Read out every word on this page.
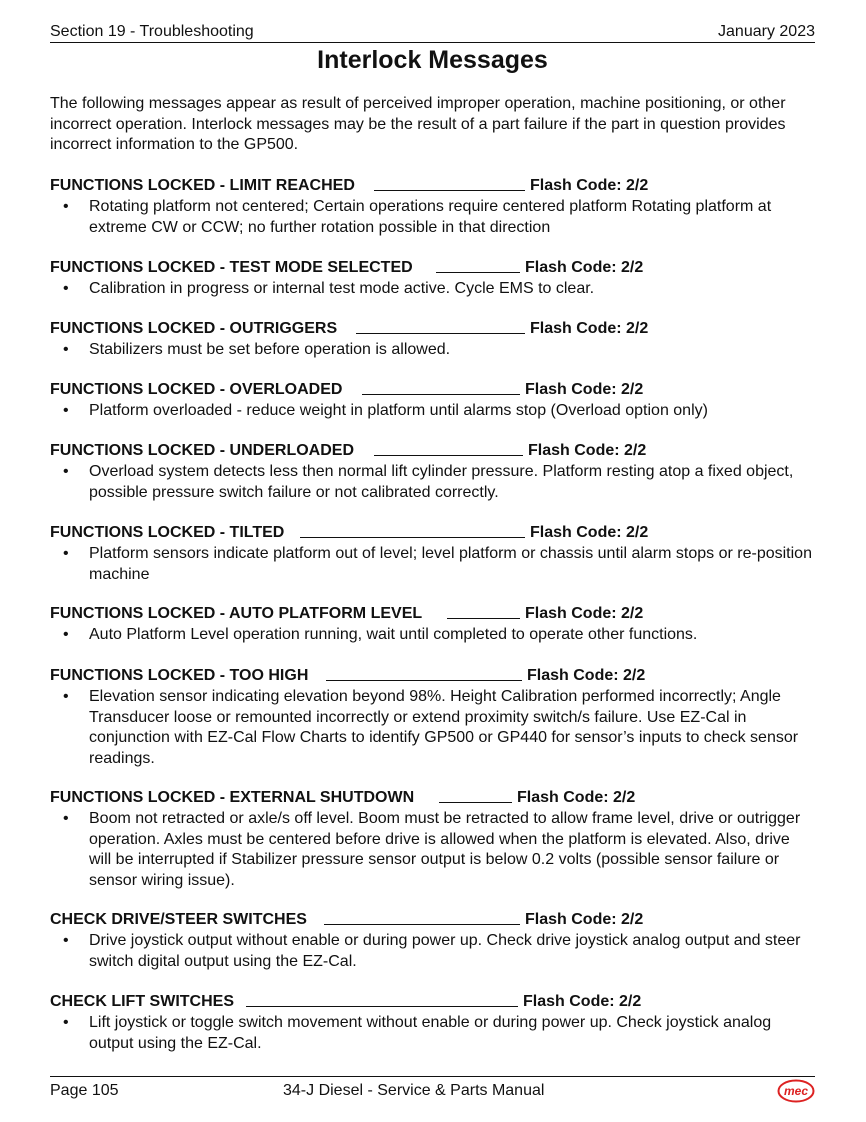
Section 19 - Troubleshooting	January 2023
Interlock Messages
The following messages appear as result of perceived improper operation, machine positioning, or other incorrect operation. Interlock messages may be the result of a part failure if the part in question provides incorrect information to the GP500.
FUNCTIONS LOCKED - LIMIT REACHED	Flash Code: 2/2
• Rotating platform not centered; Certain operations require centered platform Rotating platform at extreme CW or CCW; no further rotation possible in that direction
FUNCTIONS LOCKED - TEST MODE SELECTED	Flash Code: 2/2
• Calibration in progress or internal test mode active. Cycle EMS to clear.
FUNCTIONS LOCKED - OUTRIGGERS	Flash Code: 2/2
• Stabilizers must be set before operation is allowed.
FUNCTIONS LOCKED - OVERLOADED	Flash Code: 2/2
• Platform overloaded - reduce weight in platform until alarms stop (Overload option only)
FUNCTIONS LOCKED - UNDERLOADED	Flash Code: 2/2
• Overload system detects less then normal lift cylinder pressure. Platform resting atop a fixed object, possible pressure switch failure or not calibrated correctly.
FUNCTIONS LOCKED - TILTED	Flash Code: 2/2
• Platform sensors indicate platform out of level; level platform or chassis until alarm stops or re-position machine
FUNCTIONS LOCKED - AUTO PLATFORM LEVEL	Flash Code: 2/2
• Auto Platform Level operation running, wait until completed to operate other functions.
FUNCTIONS LOCKED - TOO HIGH	Flash Code: 2/2
• Elevation sensor indicating elevation beyond 98%. Height Calibration performed incorrectly; Angle Transducer loose or remounted incorrectly or extend proximity switch/s failure. Use EZ-Cal in conjunction with EZ-Cal Flow Charts to identify GP500 or GP440 for sensor’s inputs to check sensor readings.
FUNCTIONS LOCKED - EXTERNAL SHUTDOWN	Flash Code: 2/2
• Boom not retracted or axle/s off level. Boom must be retracted to allow frame level, drive or outrigger operation. Axles must be centered before drive is allowed when the platform is elevated. Also, drive will be interrupted if Stabilizer pressure sensor output is below 0.2 volts (possible sensor failure or sensor wiring issue).
CHECK DRIVE/STEER SWITCHES	Flash Code: 2/2
• Drive joystick output without enable or during power up. Check drive joystick analog output and steer switch digital output using the EZ-Cal.
CHECK LIFT SWITCHES	Flash Code: 2/2
• Lift joystick or toggle switch movement without enable or during power up. Check joystick analog output using the EZ-Cal.
Page 105	34-J Diesel - Service & Parts Manual	mec
